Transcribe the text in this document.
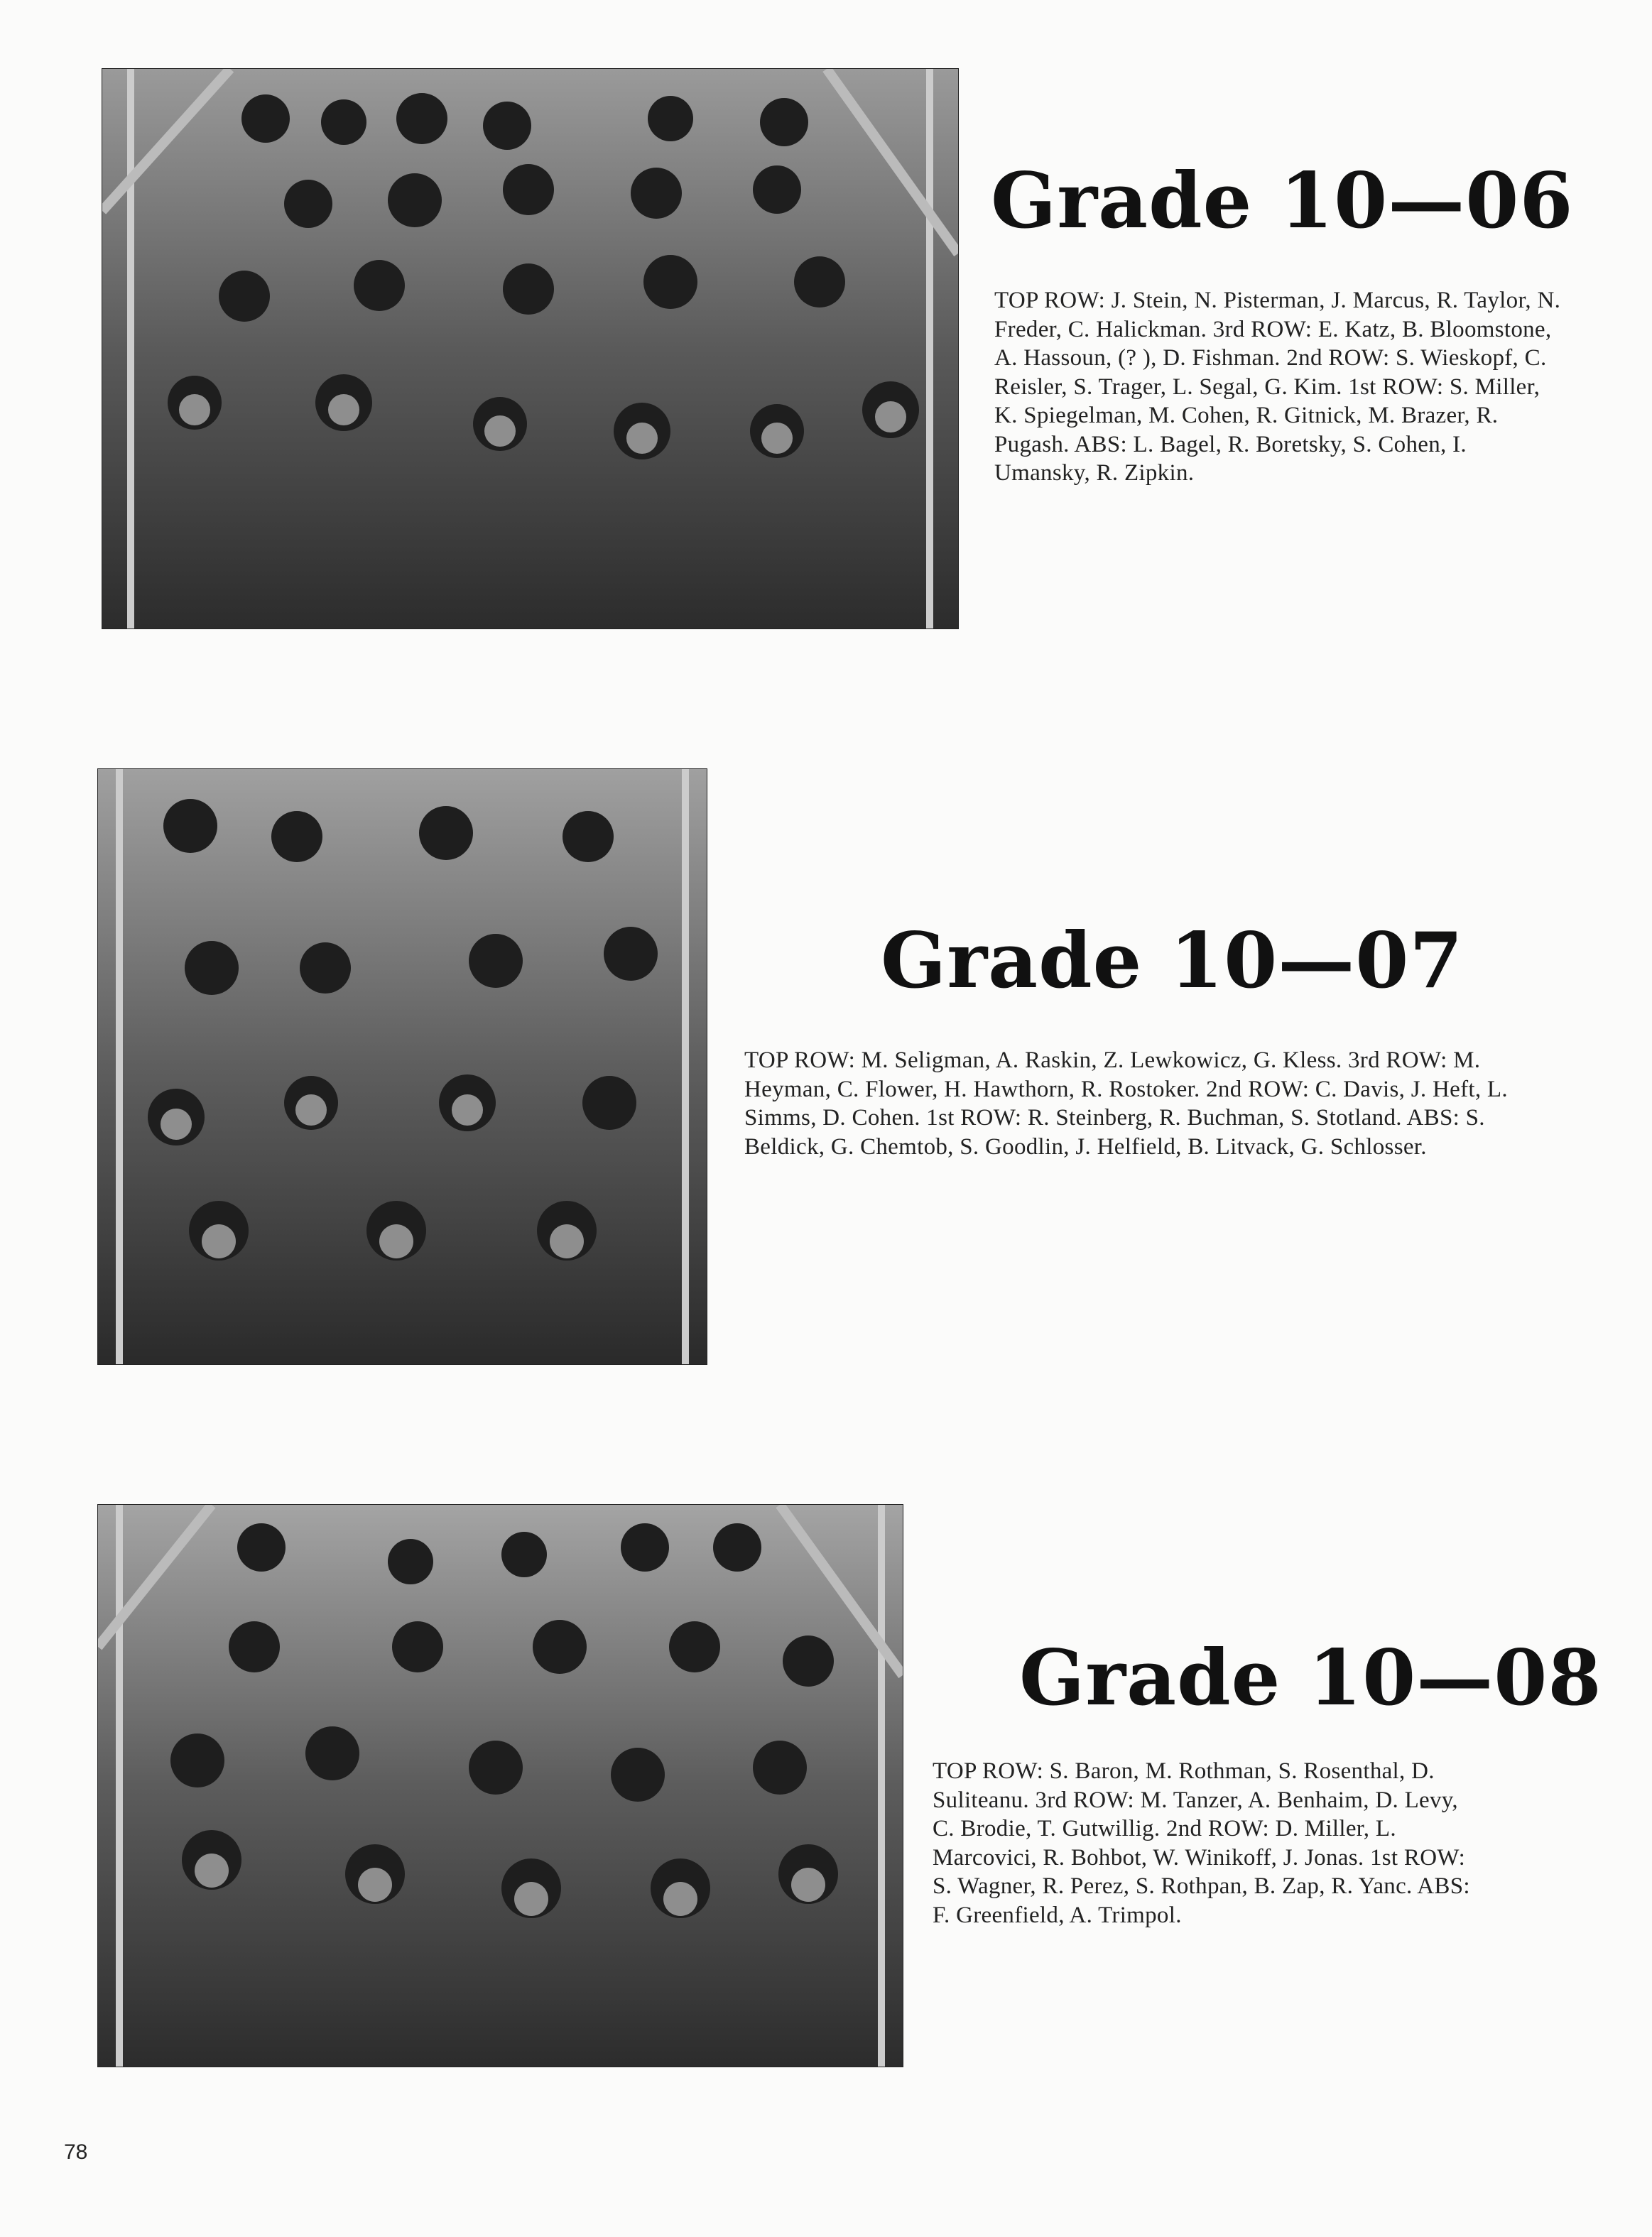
Grade 10—06

TOP ROW: J. Stein, N. Pisterman, J. Marcus, R. Taylor, N. Freder, C. Halickman. 3rd ROW: E. Katz, B. Bloomstone, A. Hassoun, (? ), D. Fishman. 2nd ROW: S. Wieskopf, C. Reisler, S. Trager, L. Segal, G. Kim. 1st ROW: S. Miller, K. Spiegelman, M. Cohen, R. Gitnick, M. Brazer, R. Pugash. ABS: L. Bagel, R. Boretsky, S. Cohen, I. Umansky, R. Zipkin.

Grade 10—07

TOP ROW: M. Seligman, A. Raskin, Z. Lewkowicz, G. Kless. 3rd ROW: M. Heyman, C. Flower, H. Hawthorn, R. Rostoker. 2nd ROW: C. Davis, J. Heft, L. Simms, D. Cohen. 1st ROW: R. Steinberg, R. Buchman, S. Stotland. ABS: S. Beldick, G. Chemtob, S. Goodlin, J. Helfield, B. Litvack, G. Schlosser.

Grade 10—08

TOP ROW: S. Baron, M. Rothman, S. Rosenthal, D. Suliteanu. 3rd ROW: M. Tanzer, A. Benhaim, D. Levy, C. Brodie, T. Gutwillig. 2nd ROW: D. Miller, L. Marcovici, R. Bohbot, W. Winikoff, J. Jonas. 1st ROW: S. Wagner, R. Perez, S. Rothpan, B. Zap, R. Yanc. ABS: F. Greenfield, A. Trimpol.

78
